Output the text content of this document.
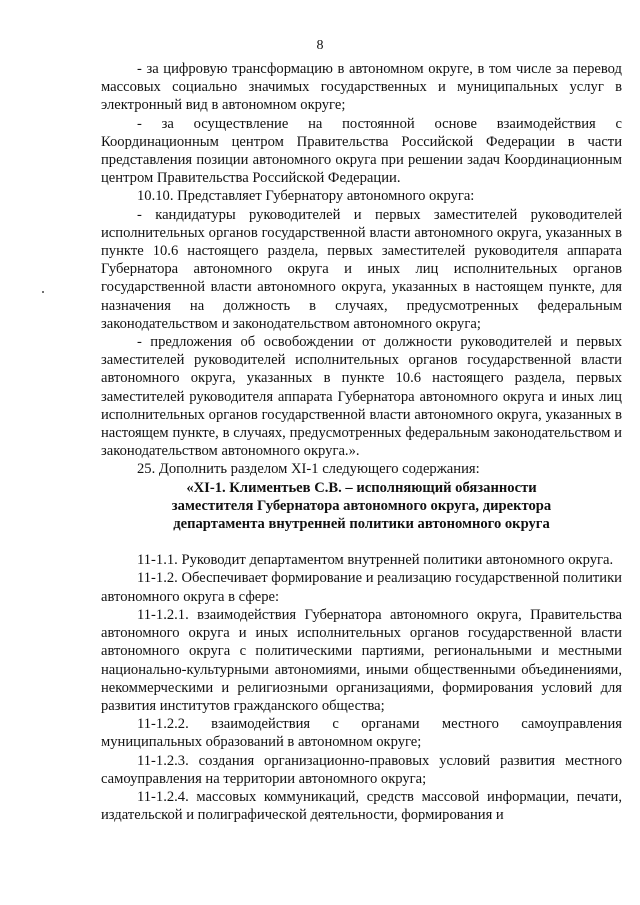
8

- за цифровую трансформацию в автономном округе, в том числе за перевод массовых социально значимых государственных и муниципальных услуг в электронный вид в автономном округе;

- за осуществление на постоянной основе взаимодействия с Координационным центром Правительства Российской Федерации в части представления позиции автономного округа при решении задач Координационным центром Правительства Российской Федерации.

10.10. Представляет Губернатору автономного округа:

- кандидатуры руководителей и первых заместителей руководителей исполнительных органов государственной власти автономного округа, указанных в пункте 10.6 настоящего раздела, первых заместителей руководителя аппарата Губернатора автономного округа и иных лиц исполнительных органов государственной власти автономного округа, указанных в настоящем пункте, для назначения на должность в случаях, предусмотренных федеральным законодательством и законодательством автономного округа;

- предложения об освобождении от должности руководителей и первых заместителей руководителей исполнительных органов государственной власти автономного округа, указанных в пункте 10.6 настоящего раздела, первых заместителей руководителя аппарата Губернатора автономного округа и иных лиц исполнительных органов государственной власти автономного округа, указанных в настоящем пункте, в случаях, предусмотренных федеральным законодательством и законодательством автономного округа.».

25. Дополнить разделом XI-1 следующего содержания:

«XI-1. Климентьев С.В. – исполняющий обязанности
заместителя Губернатора автономного округа, директора
департамента внутренней политики автономного округа

11-1.1. Руководит департаментом внутренней политики автономного округа.

11-1.2. Обеспечивает формирование и реализацию государственной политики автономного округа в сфере:

11-1.2.1. взаимодействия Губернатора автономного округа, Правительства автономного округа и иных исполнительных органов государственной власти автономного округа с политическими партиями, региональными и местными национально-культурными автономиями, иными общественными объединениями, некоммерческими и религиозными организациями, формирования условий для развития институтов гражданского общества;

11-1.2.2. взаимодействия с органами местного самоуправления муниципальных образований в автономном округе;

11-1.2.3. создания организационно-правовых условий развития местного самоуправления на территории автономного округа;

11-1.2.4. массовых коммуникаций, средств массовой информации, печати, издательской и полиграфической деятельности, формирования и
